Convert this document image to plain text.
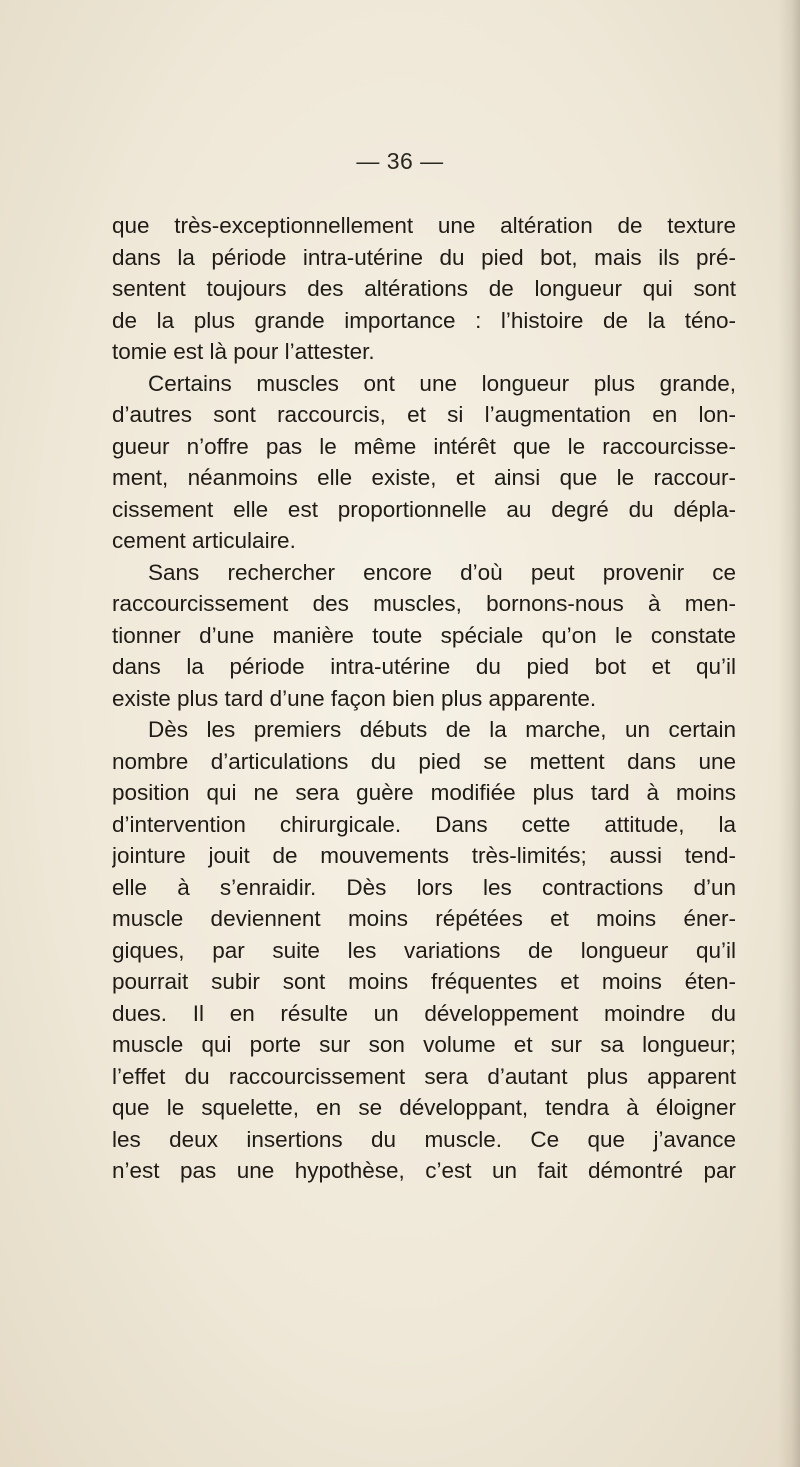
— 36 —
que très-exceptionnellement une altération de texture
dans la période intra-utérine du pied bot, mais ils pré-
sentent toujours des altérations de longueur qui sont
de la plus grande importance : l’histoire de la téno-
tomie est là pour l’attester.
Certains muscles ont une longueur plus grande,
d’autres sont raccourcis, et si l’augmentation en lon-
gueur n’offre pas le même intérêt que le raccourcisse-
ment, néanmoins elle existe, et ainsi que le raccour-
cissement elle est proportionnelle au degré du dépla-
cement articulaire.
Sans rechercher encore d’où peut provenir ce
raccourcissement des muscles, bornons-nous à men-
tionner d’une manière toute spéciale qu’on le constate
dans la période intra-utérine du pied bot et qu’il
existe plus tard d’une façon bien plus apparente.
Dès les premiers débuts de la marche, un certain
nombre d’articulations du pied se mettent dans une
position qui ne sera guère modifiée plus tard à moins
d’intervention chirurgicale. Dans cette attitude, la
jointure jouit de mouvements très-limités; aussi tend-
elle à s’enraidir. Dès lors les contractions d’un
muscle deviennent moins répétées et moins éner-
giques, par suite les variations de longueur qu’il
pourrait subir sont moins fréquentes et moins éten-
dues. Il en résulte un développement moindre du
muscle qui porte sur son volume et sur sa longueur;
l’effet du raccourcissement sera d’autant plus apparent
que le squelette, en se développant, tendra à éloigner
les deux insertions du muscle. Ce que j’avance
n’est pas une hypothèse, c’est un fait démontré par
